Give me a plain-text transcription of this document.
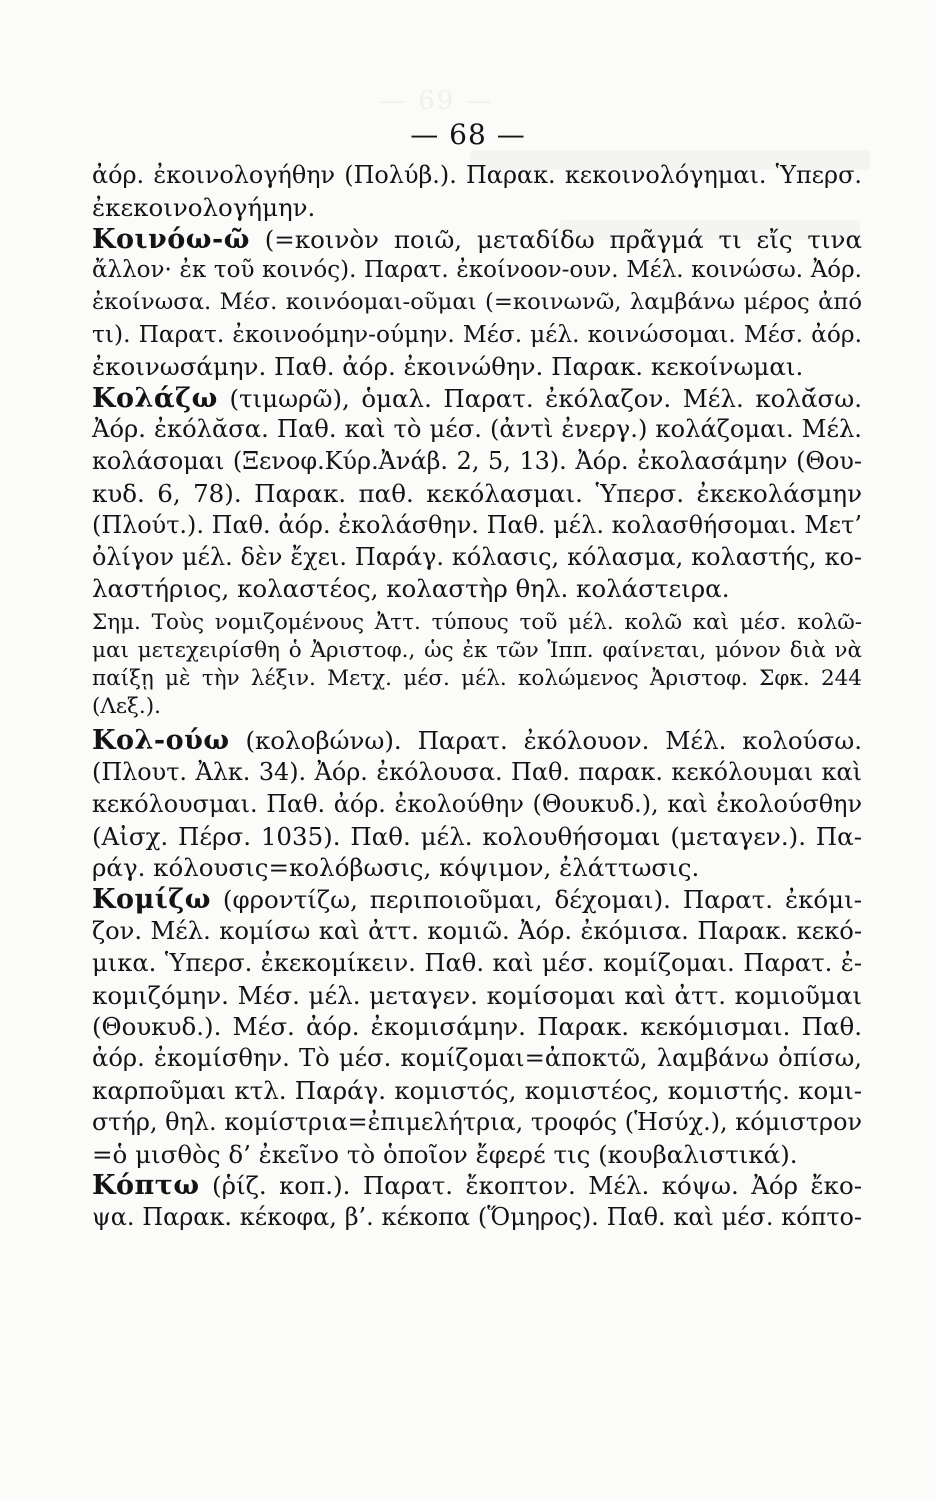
— 69 —
— 68 —
ἀόρ. ἐκοινολογήθην (Πολύβ.). Παρακ. κεκοινολόγημαι. Ὑπερσ.
ἐκεκοινολογήμην.
Κοινόω-ῶ (=κοινὸν ποιῶ, μεταδίδω πρᾶγμά τι εἴς τινα
ἄλλον· ἐκ τοῦ κοινός). Παρατ. ἐκοίνοον-ουν. Μέλ. κοινώσω. Ἀόρ.
ἐκοίνωσα. Μέσ. κοινόομαι-οῦμαι (=κοινωνῶ, λαμβάνω μέρος ἀπό
τι). Παρατ. ἐκοινοόμην-ούμην. Μέσ. μέλ. κοινώσομαι. Μέσ. ἀόρ.
ἐκοινωσάμην. Παθ. ἀόρ. ἐκοινώθην. Παρακ. κεκοίνωμαι.
Κολάζω (τιμωρῶ), ὁμαλ. Παρατ. ἐκόλαζον. Μέλ. κολᾰ́σω.
Ἀόρ. ἐκόλᾰσα. Παθ. καὶ τὸ μέσ. (ἀντὶ ἐνεργ.) κολάζομαι. Μέλ.
κολάσομαι (Ξενοφ.Κύρ.Ἀνάβ. 2, 5, 13). Ἀόρ. ἐκολασάμην (Θου-
κυδ. 6, 78). Παρακ. παθ. κεκόλασμαι. Ὑπερσ. ἐκεκολάσμην
(Πλούτ.). Παθ. ἀόρ. ἐκολάσθην. Παθ. μέλ. κολασθήσομαι. Μετ’
ὀλίγον μέλ. δὲν ἔχει. Παράγ. κόλασις, κόλασμα, κολαστής, κο-
λαστήριος, κολαστέος, κολαστὴρ θηλ. κολάστειρα.
Σημ. Τοὺς νομιζομένους Ἀττ. τύπους τοῦ μέλ. κολῶ καὶ μέσ. κολῶ-
μαι μετεχειρίσθη ὁ Ἀριστοφ., ὡς ἐκ τῶν Ἱππ. φαίνεται, μόνον διὰ νὰ
παίξῃ μὲ τὴν λέξιν. Μετχ. μέσ. μέλ. κολώμενος Ἀριστοφ. Σφκ. 244
(Λεξ.).
Κολ-ούω (κολοβώνω). Παρατ. ἐκόλουον. Μέλ. κολούσω.
(Πλουτ. Ἀλκ. 34). Ἀόρ. ἐκόλουσα. Παθ. παρακ. κεκόλουμαι καὶ
κεκόλουσμαι. Παθ. ἀόρ. ἐκολούθην (Θουκυδ.), καὶ ἐκολούσθην
(Αἰσχ. Πέρσ. 1035). Παθ. μέλ. κολουθήσομαι (μεταγεν.). Πα-
ράγ. κόλουσις=κολόβωσις, κόψιμον, ἐλάττωσις.
Κομίζω (φροντίζω, περιποιοῦμαι, δέχομαι). Παρατ. ἐκόμι-
ζον. Μέλ. κομίσω καὶ ἀττ. κομιῶ. Ἀόρ. ἐκόμισα. Παρακ. κεκό-
μικα. Ὑπερσ. ἐκεκομίκειν. Παθ. καὶ μέσ. κομίζομαι. Παρατ. ἐ-
κομιζόμην. Μέσ. μέλ. μεταγεν. κομίσομαι καὶ ἀττ. κομιοῦμαι
(Θουκυδ.). Μέσ. ἀόρ. ἐκομισάμην. Παρακ. κεκόμισμαι. Παθ.
ἀόρ. ἐκομίσθην. Τὸ μέσ. κομίζομαι=ἀποκτῶ, λαμβάνω ὀπίσω,
καρποῦμαι κτλ. Παράγ. κομιστός, κομιστέος, κομιστής. κομι-
στήρ, θηλ. κομίστρια=ἐπιμελήτρια, τροφός (Ἡσύχ.), κόμιστρον
=ὁ μισθὸς δ’ ἐκεῖνο τὸ ὁποῖον ἔφερέ τις (κουβαλιστικά).
Κόπτω (ῥίζ. κοπ.). Παρατ. ἔκοπτον. Μέλ. κόψω. Ἀόρ ἔκο-
ψα. Παρακ. κέκοφα, β’. κέκοπα (Ὅμηρος). Παθ. καὶ μέσ. κόπτο-
